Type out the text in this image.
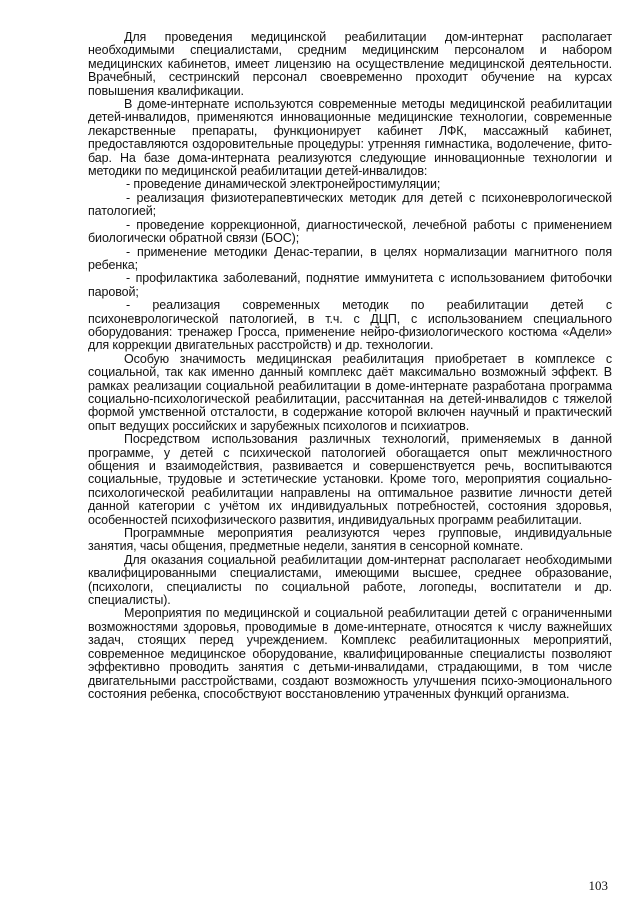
Для проведения медицинской реабилитации дом-интернат располагает необходимыми специалистами, средним медицинским персоналом и набором медицинских кабинетов, имеет лицензию на осуществление медицинской деятельности. Врачебный, сестринский персонал своевременно проходит обучение на курсах повышения квалификации.

В доме-интернате используются современные методы медицинской реабилитации детей-инвалидов, применяются инновационные медицинские технологии, современные лекарственные препараты, функционирует кабинет ЛФК, массажный кабинет, предоставляются оздоровительные процедуры: утренняя гимнастика, водолечение, фито-бар. На базе дома-интерната реализуются следующие инновационные технологии и методики по медицинской реабилитации детей-инвалидов:

- проведение динамической электронейростимуляции;

- реализация физиотерапевтических методик для детей с психоневрологической патологией;

- проведение коррекционной, диагностической, лечебной работы с применением биологически обратной связи (БОС);

- применение методики Денас-терапии, в целях нормализации магнитного поля ребенка;

- профилактика заболеваний, поднятие иммунитета с использованием фитобочки паровой;

- реализация современных методик по реабилитации детей с психоневрологической патологией, в т.ч. с ДЦП, с использованием специального оборудования: тренажер Гросса, применение нейро-физиологического костюма «Адели» для коррекции двигательных расстройств) и др. технологии.

Особую значимость медицинская реабилитация приобретает в комплексе с социальной, так как именно данный комплекс даёт максимально возможный эффект. В рамках реализации социальной реабилитации в доме-интернате разработана программа социально-психологической реабилитации, рассчитанная на детей-инвалидов с тяжелой формой умственной отсталости, в содержание которой включен научный и практический опыт ведущих российских и зарубежных психологов и психиатров.

Посредством использования различных технологий, применяемых в данной программе, у детей с психической патологией обогащается опыт межличностного общения и взаимодействия, развивается и совершенствуется речь, воспитываются социальные, трудовые и эстетические установки. Кроме того, мероприятия социально-психологической реабилитации направлены на оптимальное развитие личности детей данной категории с учётом их индивидуальных потребностей, состояния здоровья, особенностей психофизического развития, индивидуальных программ реабилитации.

Программные мероприятия реализуются через групповые, индивидуальные занятия, часы общения, предметные недели, занятия в сенсорной комнате.

Для оказания социальной реабилитации дом-интернат располагает необходимыми квалифицированными специалистами, имеющими высшее, среднее образование, (психологи, специалисты по социальной работе, логопеды, воспитатели и др. специалисты).

Мероприятия по медицинской и социальной реабилитации детей с ограниченными возможностями здоровья, проводимые в доме-интернате, относятся к числу важнейших задач, стоящих перед учреждением. Комплекс реабилитационных мероприятий, современное медицинское оборудование, квалифицированные специалисты позволяют эффективно проводить занятия с детьми-инвалидами, страдающими, в том числе двигательными расстройствами, создают возможность улучшения психо-эмоционального состояния ребенка, способствуют восстановлению утраченных функций организма.

103
